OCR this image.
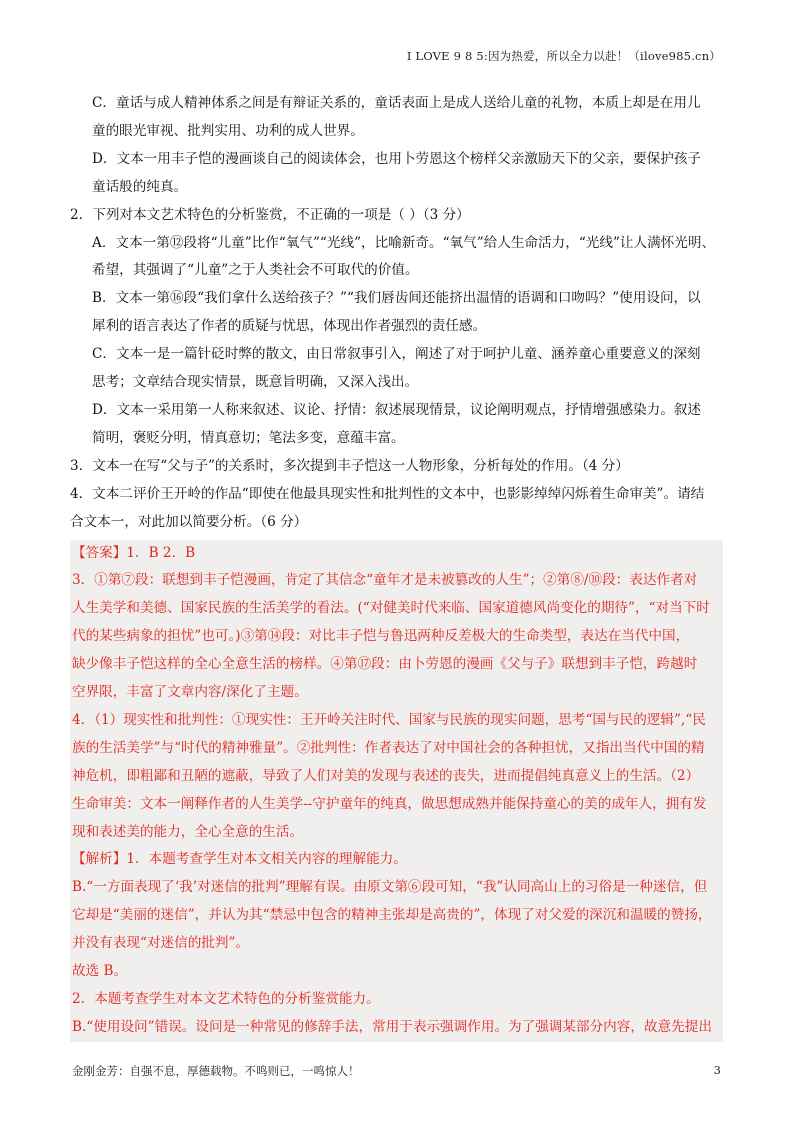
I LOVE 9 8 5:因为热爱，所以全力以赴！（ilove985.cn）

C．童话与成人精神体系之间是有辩证关系的，童话表面上是成人送给儿童的礼物，本质上却是在用儿

童的眼光审视、批判实用、功利的成人世界。

D．文本一用丰子恺的漫画谈自己的阅读体会，也用卜劳恩这个榜样父亲激励天下的父亲，要保护孩子

童话般的纯真。

2．下列对本文艺术特色的分析鉴赏，不正确的一项是（ ）（3 分）

A．文本一第⑫段将“儿童”比作“氧气”“光线”，比喻新奇。“氧气”给人生命活力，“光线”让人满怀光明、

希望，其强调了“儿童”之于人类社会不可取代的价值。

B．文本一第⑯段“我们拿什么送给孩子？”“我们唇齿间还能挤出温情的语调和口吻吗？”使用设问，以

犀利的语言表达了作者的质疑与忧思，体现出作者强烈的责任感。

C．文本一是一篇针砭时弊的散文，由日常叙事引入，阐述了对于呵护儿童、涵养童心重要意义的深刻

思考；文章结合现实情景，既意旨明确，又深入浅出。

D．文本一采用第一人称来叙述、议论、抒情：叙述展现情景，议论阐明观点，抒情增强感染力。叙述

简明，褒贬分明，情真意切；笔法多变，意蕴丰富。

3．文本一在写“父与子”的关系时，多次提到丰子恺这一人物形象，分析每处的作用。（4 分）

4．文本二评价王开岭的作品“即使在他最具现实性和批判性的文本中，也影影绰绰闪烁着生命审美”。请结

合文本一，对此加以简要分析。（6 分）

【答案】1．B 2．B

3．①第⑦段：联想到丰子恺漫画，肯定了其信念“童年才是未被篡改的人生”；②第⑧/⑩段：表达作者对

人生美学和美德、国家民族的生活美学的看法。(“对健美时代来临、国家道德风尚变化的期待”，“对当下时

代的某些病象的担忧”也可。)③第⑭段：对比丰子恺与鲁迅两种反差极大的生命类型，表达在当代中国，

缺少像丰子恺这样的全心全意生活的榜样。④第⑰段：由卜劳恩的漫画《父与子》联想到丰子恺，跨越时

空界限，丰富了文章内容/深化了主题。

4．（1）现实性和批判性：①现实性：王开岭关注时代、国家与民族的现实问题，思考“国与民的逻辑”,“民

族的生活美学”与“时代的精神雅量”。②批判性：作者表达了对中国社会的各种担忧，又指出当代中国的精

神危机，即粗鄙和丑陋的遮蔽，导致了人们对美的发现与表述的丧失，进而提倡纯真意义上的生活。（2）

生命审美：文本一阐释作者的人生美学--守护童年的纯真，做思想成熟并能保持童心的美的成年人，拥有发

现和表述美的能力，全心全意的生活。

【解析】1．本题考查学生对本文相关内容的理解能力。

B.“一方面表现了‘我’对迷信的批判”理解有误。由原文第⑥段可知，“我”认同高山上的习俗是一种迷信，但

它却是“美丽的迷信”，并认为其“禁忌中包含的精神主张却是高贵的”，体现了对父爱的深沉和温暖的赞扬，

并没有表现“对迷信的批判”。

故选 B。

2．本题考查学生对本文艺术特色的分析鉴赏能力。

B.“使用设问”错误。设问是一种常见的修辞手法，常用于表示强调作用。为了强调某部分内容，故意先提出

金刚金芳：自强不息，厚德载物。不鸣则已，一鸣惊人！	3
